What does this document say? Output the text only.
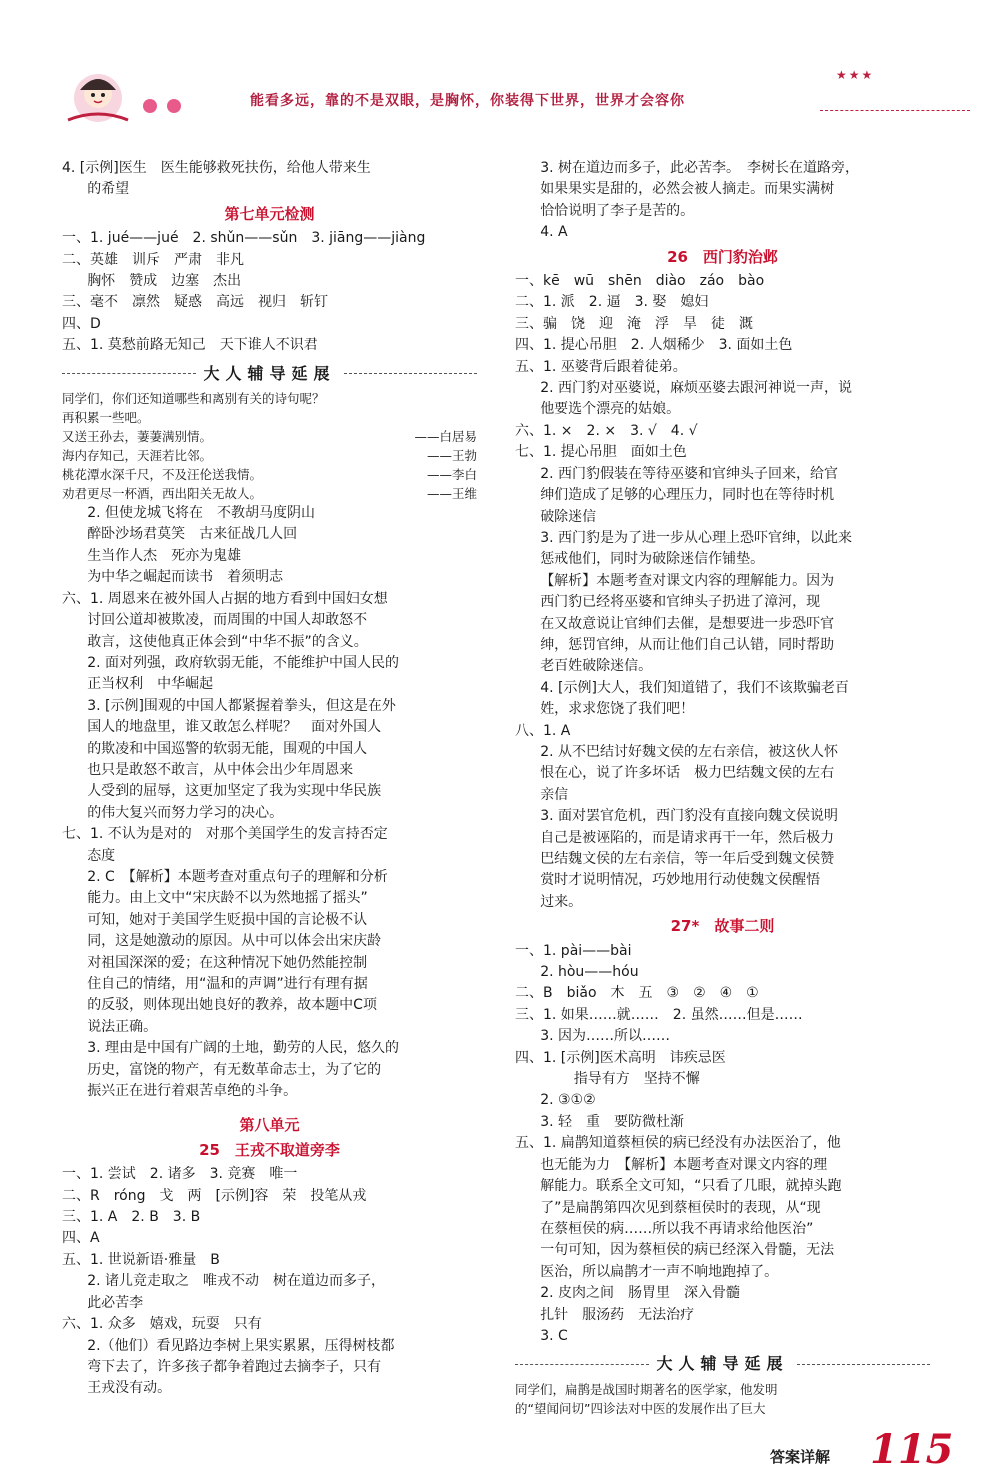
能看多远，靠的不是双眼，是胸怀，你装得下世界，世界才会容你
★★★
4. [示例]医生　医生能够救死扶伤，给他人带来生
的希望
第七单元检测
一、1. jué——jué　2. shǔn——sǔn　3. jiāng——jiàng
二、英雄　训斥　严肃　非凡
胸怀　赞成　边塞　杰出
三、毫不　凛然　疑惑　高远　视归　斩钉
四、D
五、1. 莫愁前路无知己　天下谁人不识君
大人辅导延展
同学们，你们还知道哪些和离别有关的诗句呢？
再积累一些吧。
又送王孙去，萋萋满别情。	——白居易
海内存知己，天涯若比邻。	——王勃
桃花潭水深千尺，不及汪伦送我情。	——李白
劝君更尽一杯酒，西出阳关无故人。	——王维
2. 但使龙城飞将在　不教胡马度阴山
醉卧沙场君莫笑　古来征战几人回
生当作人杰　死亦为鬼雄
为中华之崛起而读书　着须明志
六、1. 周恩来在被外国人占据的地方看到中国妇女想
讨回公道却被欺凌，而周围的中国人却敢怒不
敢言，这使他真正体会到“中华不振”的含义。
2. 面对列强，政府软弱无能，不能维护中国人民的
正当权利　中华崛起
3. [示例]围观的中国人都紧握着拳头，但这是在外
国人的地盘里，谁又敢怎么样呢？　面对外国人
的欺凌和中国巡警的软弱无能，围观的中国人
也只是敢怒不敢言，从中体会出少年周恩来
人受到的屈辱，这更加坚定了我为实现中华民族
的伟大复兴而努力学习的决心。
七、1. 不认为是对的　对那个美国学生的发言持否定
态度
2. C　【解析】本题考查对重点句子的理解和分析
能力。由上文中“宋庆龄不以为然地摇了摇头”
可知，她对于美国学生贬损中国的言论极不认
同，这是她激动的原因。从中可以体会出宋庆龄
对祖国深深的爱；在这种情况下她仍然能控制
住自己的情绪，用“温和的声调”进行有理有据
的反驳，则体现出她良好的教养，故本题中C项
说法正确。
3. 理由是中国有广阔的土地，勤劳的人民，悠久的
历史，富饶的物产，有无数革命志士，为了它的
振兴正在进行着艰苦卓绝的斗争。
第八单元
25　王戎不取道旁李
一、1. 尝试　2. 诸多　3. 竞赛　唯一
二、R　róng　戈　两　[示例]容　荣　投笔从戎
三、1. A　2. B　3. B
四、A
五、1. 世说新语·雅量　B
2. 诸儿竞走取之　唯戎不动　树在道边而多子，
此必苦李
六、1. 众多　嬉戏，玩耍　只有
2.（他们）看见路边李树上果实累累，压得树枝都
弯下去了，许多孩子都争着跑过去摘李子，只有
王戎没有动。
3. 树在道边而多子，此必苦李。　李树长在道路旁，
如果果实是甜的，必然会被人摘走。而果实满树
恰恰说明了李子是苦的。
4. A
26　西门豹治邺
一、kē　wū　shēn　diào　záo　bào
二、1. 派　2. 逼　3. 娶　媳妇
三、骗　饶　迎　淹　浮　旱　徒　溉
四、1. 提心吊胆　2. 人烟稀少　3. 面如土色
五、1. 巫婆背后跟着徒弟。
2. 西门豹对巫婆说，麻烦巫婆去跟河神说一声，说
他要选个漂亮的姑娘。
六、1. ×　2. ×　3. √　4. √
七、1. 提心吊胆　面如土色
2. 西门豹假装在等待巫婆和官绅头子回来，给官
绅们造成了足够的心理压力，同时也在等待时机
破除迷信
3. 西门豹是为了进一步从心理上恐吓官绅，以此来
惩戒他们，同时为破除迷信作铺垫。
【解析】本题考查对课文内容的理解能力。因为
西门豹已经将巫婆和官绅头子扔进了漳河，现
在又故意说让官绅们去催，是想要进一步恐吓官
绅，惩罚官绅，从而让他们自己认错，同时帮助
老百姓破除迷信。
4. [示例]大人，我们知道错了，我们不该欺骗老百
姓，求求您饶了我们吧！
八、1. A
2. 从不巴结讨好魏文侯的左右亲信，被这伙人怀
恨在心，说了许多坏话　极力巴结魏文侯的左右
亲信
3. 面对罢官危机，西门豹没有直接向魏文侯说明
自己是被诬陷的，而是请求再干一年，然后极力
巴结魏文侯的左右亲信，等一年后受到魏文侯赞
赏时才说明情况，巧妙地用行动使魏文侯醒悟
过来。
27*　故事二则
一、1. pài——bài
2. hòu——hóu
二、B　biǎo　木　五　③　②　④　①
三、1. 如果……就……　2. 虽然……但是……
3. 因为……所以……
四、1. [示例]医术高明　讳疾忌医
指导有方　坚持不懈
2. ③①②
3. 轻　重　要防微杜渐
五、1. 扁鹊知道蔡桓侯的病已经没有办法医治了，他
也无能为力　【解析】本题考查对课文内容的理
解能力。联系全文可知，“只看了几眼，就掉头跑
了”是扁鹊第四次见到蔡桓侯时的表现，从“现
在蔡桓侯的病……所以我不再请求给他医治”
一句可知，因为蔡桓侯的病已经深入骨髓，无法
医治，所以扁鹊才一声不响地跑掉了。
2. 皮肉之间　肠胃里　深入骨髓
扎针　服汤药　无法治疗
3. C
大人辅导延展
同学们，扁鹊是战国时期著名的医学家，他发明
的“望闻问切”四诊法对中医的发展作出了巨大
答案详解 115
